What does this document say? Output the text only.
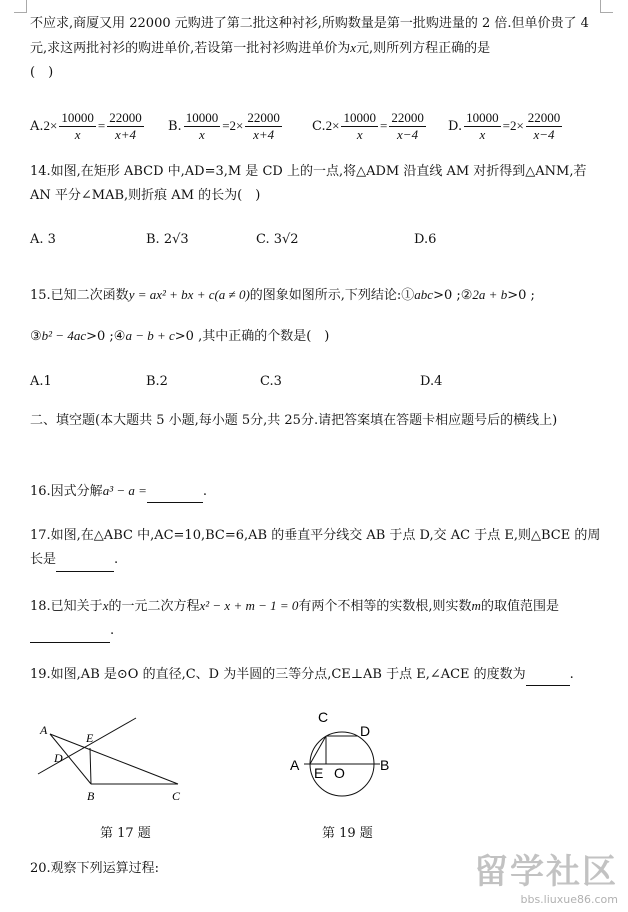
不应求,商厦又用 22000 元购进了第二批这种衬衫,所购数量是第一批购进量的 2 倍.但单价贵了 4 元,求这两批衬衫的购进单价,若设第一批衬衫购进单价为x元,则所列方程正确的是
(　)
A. $2\times \frac{10000}{x} = \frac{22000}{x+4} B$. $\frac{10000}{x} = 2\times \frac{22000}{x+4} C$. $2\times \frac{10000}{x} = \frac{22000}{x-4} D$. $\frac{10000}{x} = 2\times \frac{22000}{x-4}$
14.如图,在矩形 ABCD 中,AD=3,M 是 CD 上的一点,将△ADM 沿直线 AM 对折得到△ANM,若 AN 平分∠MAB,则折痕 AM 的长为(　)
A. 3	B. 2√3	C. 3√2	D.6
15.已知二次函数y = ax² + bx + c(a ≠ 0)的图象如图所示,下列结论:①abc>0 ;②2a + b>0 ;
③b² − 4ac>0 ;④a − b + c>0 ,其中正确的个数是(　)
A.1	B.2	C.3	D.4
二、填空题(本大题共 5 小题,每小题 5分,共 25分.请把答案填在答题卡相应题号后的横线上)
16.因式分解a³ − a =	.
17.如图,在△ABC 中,AC=10,BC=6,AB 的垂直平分线交 AB 于点 D,交 AC 于点 E,则△BCE 的周长是	.
18.已知关于x的一元二次方程x² − x + m − 1 = 0有两个不相等的实数根,则实数m的取值范围是.
19.如图,AB 是⊙O 的直径,C、D 为半圆的三等分点,CE⊥AB 于点 E,∠ACE 的度数为	.
A
D
E
B	C
C
D
A E O	B
第 17 题	第 19 题
20.观察下列运算过程:	留学社区
bbs.liuxue86.com
